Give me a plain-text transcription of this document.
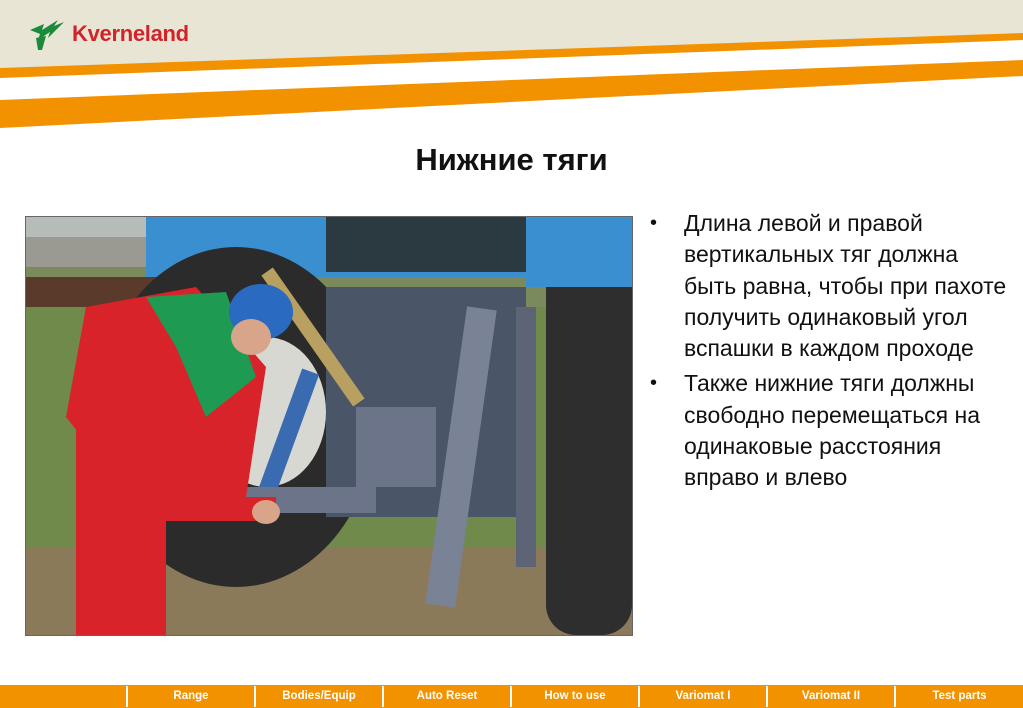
Kverneland
Нижние тяги
• Длина левой и правой вертикальных тяг должна быть равна, чтобы при пахоте получить одинаковый угол вспашки в каждом проходе
• Также нижние тяги должны свободно перемещаться на одинаковые расстояния вправо и влево
Range	Bodies/Equip	Auto Reset	How to use	Variomat I	Variomat II	Test parts
